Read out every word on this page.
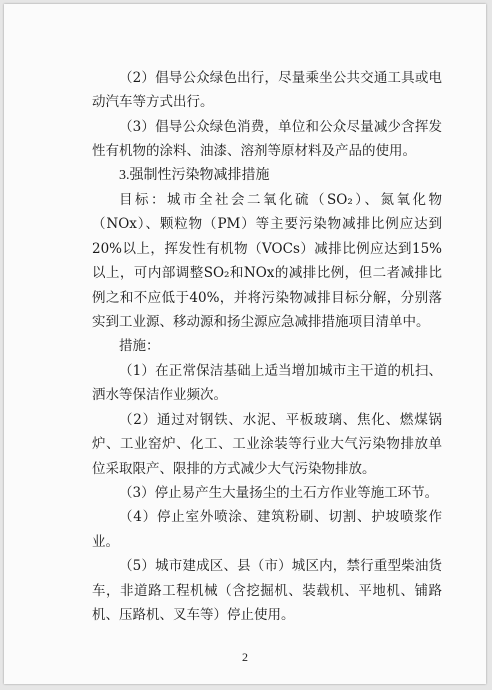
（2）倡导公众绿色出行，尽量乘坐公共交通工具或电动汽车等方式出行。

（3）倡导公众绿色消费，单位和公众尽量减少含挥发性有机物的涂料、油漆、溶剂等原材料及产品的使用。

3.强制性污染物减排措施

目标：城市全社会二氧化硫（SO₂）、氮氧化物（NOx）、颗粒物（PM）等主要污染物减排比例应达到20%以上，挥发性有机物（VOCs）减排比例应达到15%以上，可内部调整SO₂和NOx的减排比例，但二者减排比例之和不应低于40%，并将污染物减排目标分解，分别落实到工业源、移动源和扬尘源应急减排措施项目清单中。

措施：

（1）在正常保洁基础上适当增加城市主干道的机扫、洒水等保洁作业频次。

（2）通过对钢铁、水泥、平板玻璃、焦化、燃煤锅炉、工业窑炉、化工、工业涂装等行业大气污染物排放单位采取限产、限排的方式减少大气污染物排放。

（3）停止易产生大量扬尘的土石方作业等施工环节。

（4）停止室外喷涂、建筑粉刷、切割、护坡喷浆作业。

（5）城市建成区、县（市）城区内，禁行重型柴油货车，非道路工程机械（含挖掘机、装载机、平地机、铺路机、压路机、叉车等）停止使用。

2
